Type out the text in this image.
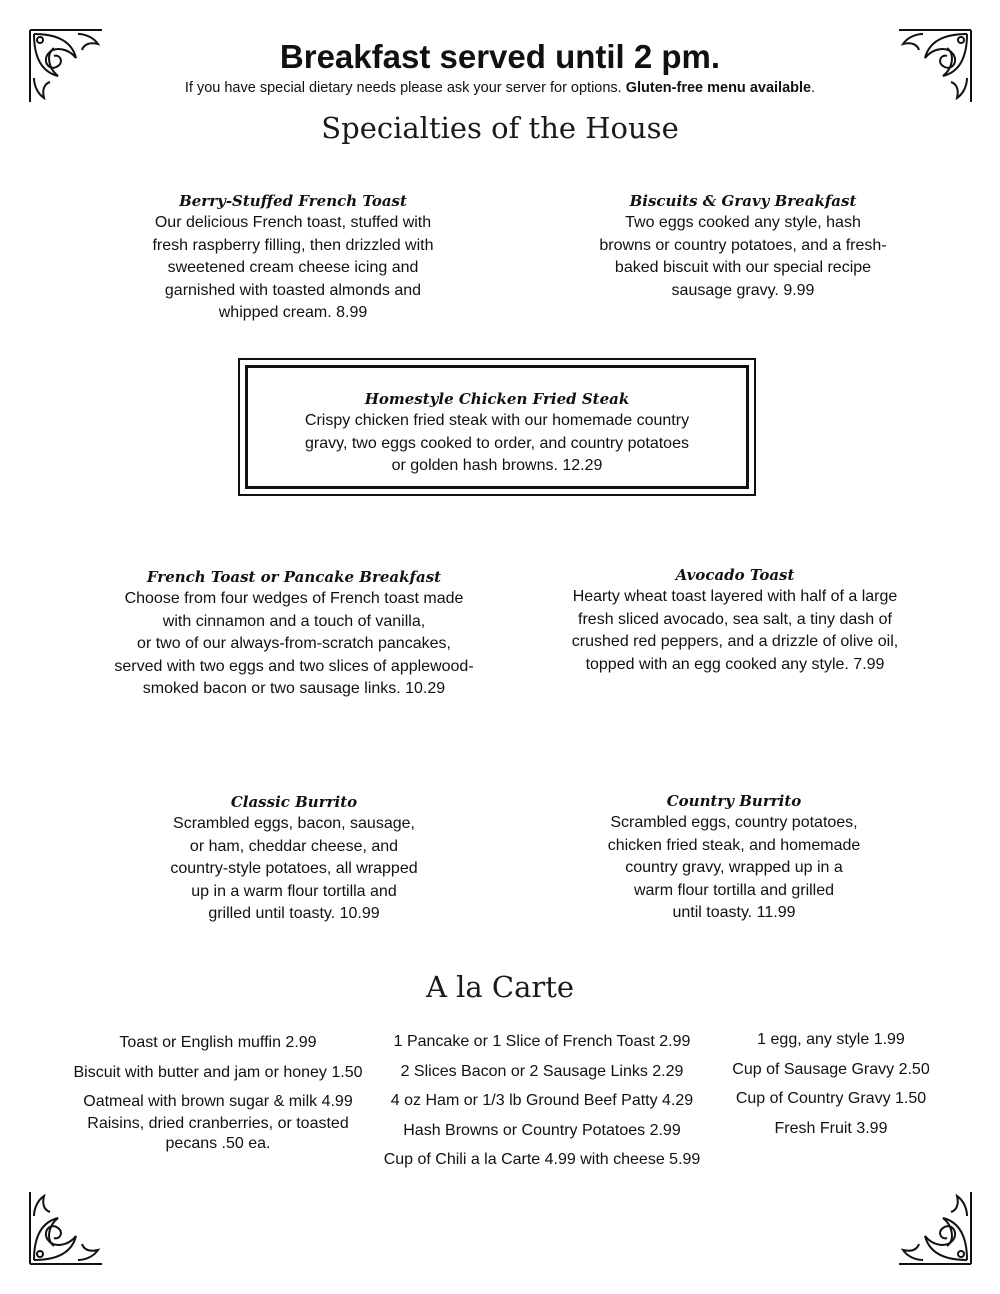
Breakfast served until 2 pm.
If you have special dietary needs please ask your server for options. Gluten-free menu available.
Specialties of the House
Berry-Stuffed French Toast
Our delicious French toast, stuffed with
fresh raspberry filling, then drizzled with
sweetened cream cheese icing and
garnished with toasted almonds and
whipped cream. 8.99
Biscuits & Gravy Breakfast
Two eggs cooked any style, hash
browns or country potatoes, and a fresh-
baked biscuit with our special recipe
sausage gravy. 9.99
Homestyle Chicken Fried Steak
Crispy chicken fried steak with our homemade country
gravy, two eggs cooked to order, and country potatoes
or golden hash browns. 12.29
French Toast or Pancake Breakfast
Choose from four wedges of French toast made
with cinnamon and a touch of vanilla,
or two of our always-from-scratch pancakes,
served with two eggs and two slices of applewood-
smoked bacon or two sausage links. 10.29
Avocado Toast
Hearty wheat toast layered with half of a large
fresh sliced avocado, sea salt, a tiny dash of
crushed red peppers, and a drizzle of olive oil,
topped with an egg cooked any style. 7.99
Classic Burrito
Scrambled eggs, bacon, sausage,
or ham, cheddar cheese, and
country-style potatoes, all wrapped
up in a warm flour tortilla and
grilled until toasty. 10.99
Country Burrito
Scrambled eggs, country potatoes,
chicken fried steak, and homemade
country gravy, wrapped up in a
warm flour tortilla and grilled
until toasty. 11.99
A la Carte
Toast or English muffin 2.99
Biscuit with butter and jam or honey 1.50
Oatmeal with brown sugar & milk 4.99
Raisins, dried cranberries, or toasted
pecans .50 ea.
1 Pancake or 1 Slice of French Toast 2.99
2 Slices Bacon or 2 Sausage Links 2.29
4 oz Ham or 1/3 lb Ground Beef Patty 4.29
Hash Browns or Country Potatoes 2.99
Cup of Chili a la Carte 4.99 with cheese 5.99
1 egg, any style 1.99
Cup of Sausage Gravy 2.50
Cup of Country Gravy 1.50
Fresh Fruit 3.99
